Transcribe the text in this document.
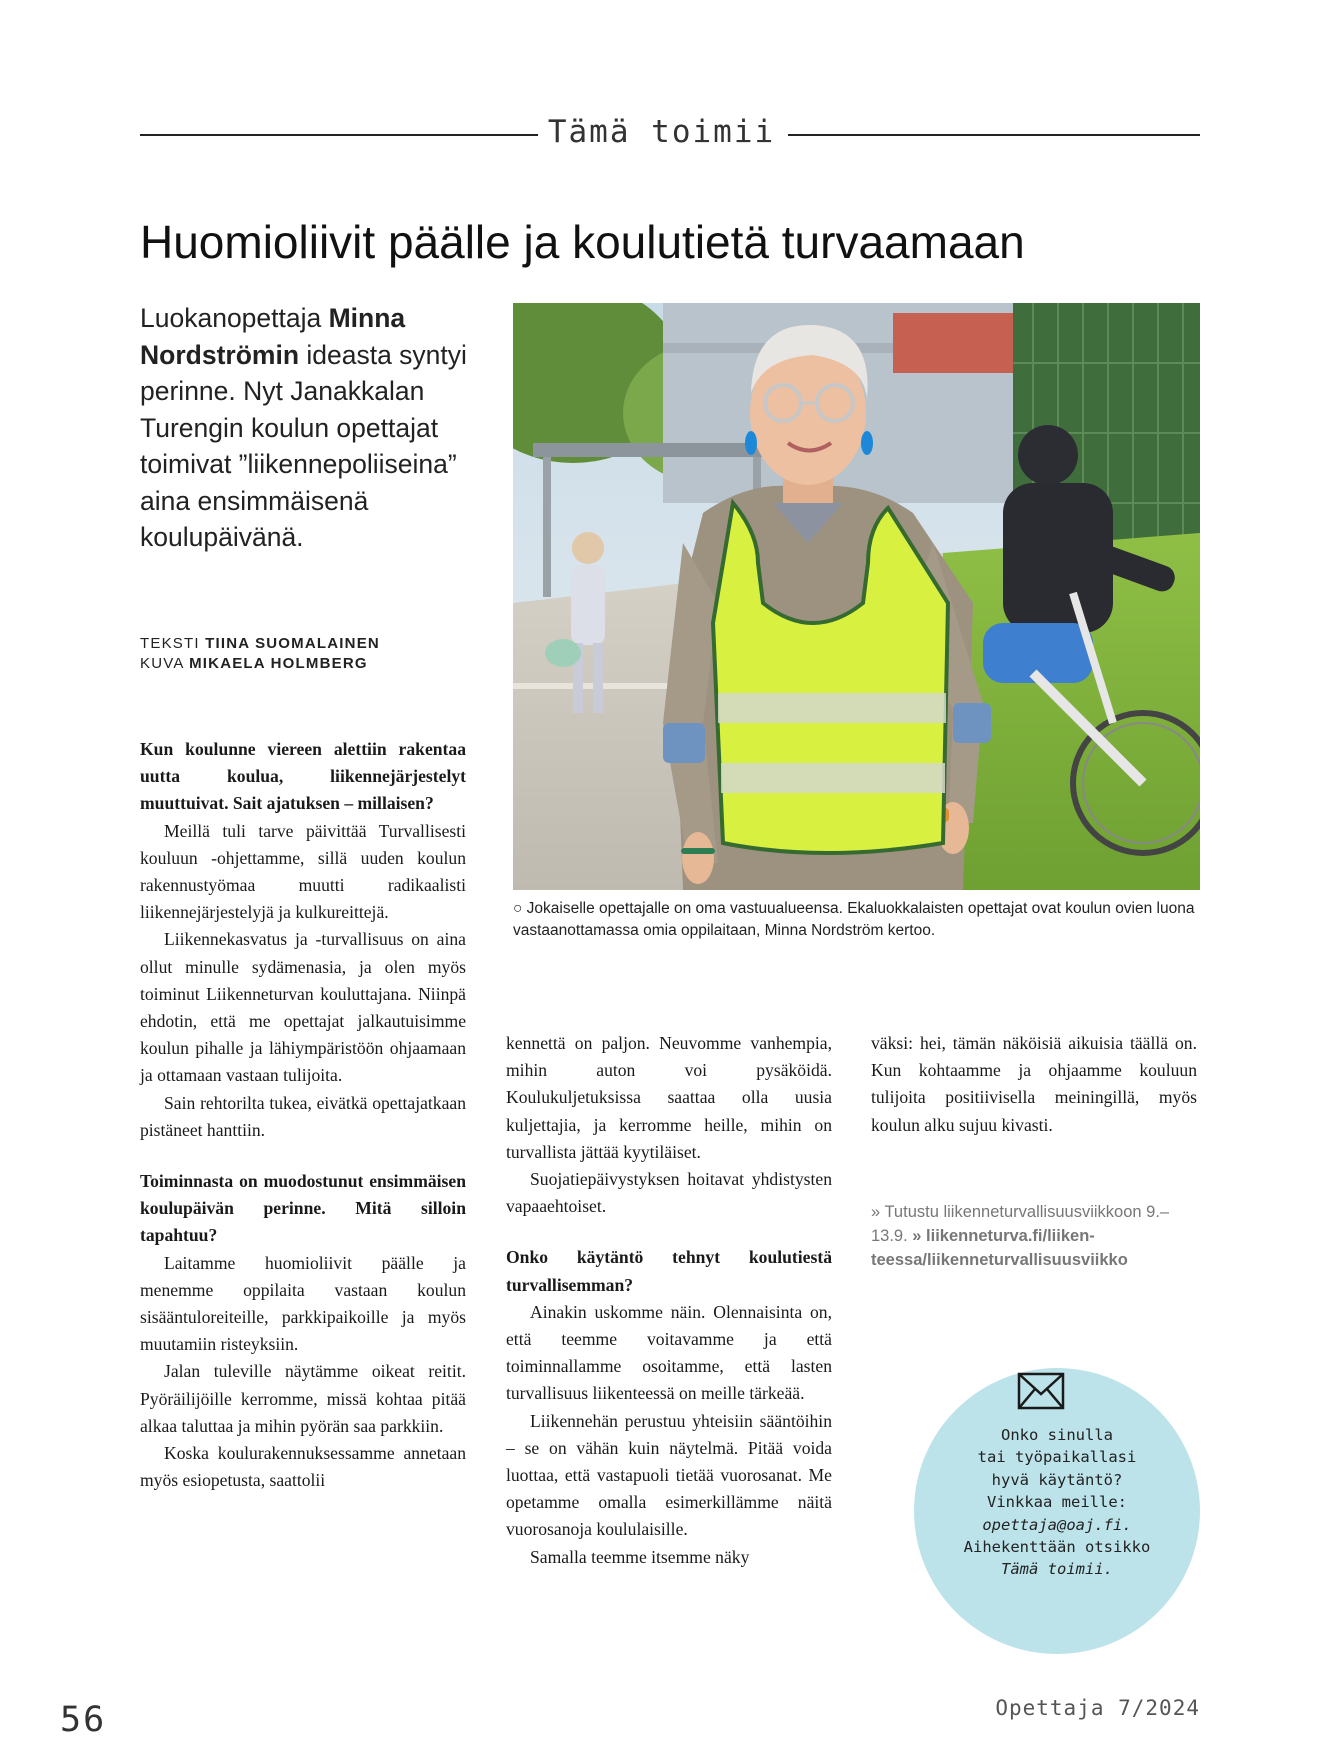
Tämä toimii
Huomioliivit päälle ja koulutietä turvaamaan
Luokanopettaja Minna Nordströmin ideasta syntyi perinne. Nyt Janakkalan Turengin koulun opettajat toimivat ”liikennepoliiseina” aina ensimmäisenä koulupäivänä.
TEKSTI TIINA SUOMALAINEN
KUVA MIKAELA HOLMBERG
○ Jokaiselle opettajalle on oma vastuualueensa. Ekaluokkalaisten opettajat ovat koulun ovien luona vastaanottamassa omia oppilaitaan, Minna Nordström kertoo.

Kun koulunne viereen alettiin rakentaa uutta koulua, liikennejärjestelyt muuttuivat. Sait ajatuksen – millaisen?

Meillä tuli tarve päivittää Turvallisesti kouluun -ohjettamme, sillä uuden koulun rakennustyömaa muutti radikaalisti liikennejärjestelyjä ja kulkureittejä.

Liikennekasvatus ja -turvallisuus on aina ollut minulle sydämenasia, ja olen myös toiminut Liikenneturvan kouluttajana. Niinpä ehdotin, että me opettajat jalkautuisimme koulun pihalle ja lähiympäristöön ohjaamaan ja ottamaan vastaan tulijoita.

Sain rehtorilta tukea, eivätkä opettajatkaan pistäneet hanttiin.

Toiminnasta on muodostunut ensimmäisen koulupäivän perinne. Mitä silloin tapahtuu?

Laitamme huomioliivit päälle ja menemme oppilaita vastaan koulun sisääntuloreiteille, parkkipaikoille ja myös muutamiin risteyksiin.

Jalan tuleville näytämme oikeat reitit. Pyöräilijöille kerromme, missä kohtaa pitää alkaa taluttaa ja mihin pyörän saa parkkiin.

Koska koulurakennuksessamme annetaan myös esiopetusta, saattolii

kennettä on paljon. Neuvomme vanhempia, mihin auton voi pysäköidä. Koulukuljetuksissa saattaa olla uusia kuljettajia, ja kerromme heille, mihin on turvallista jättää kyytiläiset.

Suojatiepäivystyksen hoitavat yhdistysten vapaaehtoiset.

Onko käytäntö tehnyt koulutiestä turvallisemman?

Ainakin uskomme näin. Olennaisinta on, että teemme voitavamme ja että toiminnallamme osoitamme, että lasten turvallisuus liikenteessä on meille tärkeää.

Liikennehän perustuu yhteisiin sääntöihin – se on vähän kuin näytelmä. Pitää voida luottaa, että vastapuoli tietää vuorosanat. Me opetamme omalla esimerkillämme näitä vuorosanoja koululaisille.

Samalla teemme itsemme näky

väksi: hei, tämän näköisiä aikuisia täällä on. Kun kohtaamme ja ohjaamme kouluun tulijoita positiivisella meiningillä, myös koulun alku sujuu kivasti.

» Tutustu liikenneturvallisuusviikkoon 9.–13.9. » liikenneturva.fi/liikenteessa/liikenneturvallisuusviikko
Onko sinulla
tai työpaikallasi
hyvä käytäntö?
Vinkkaa meille:
opettaja@oaj.fi.
Aihekenttään otsikko
Tämä toimii.
56	Opettaja 7/2024
